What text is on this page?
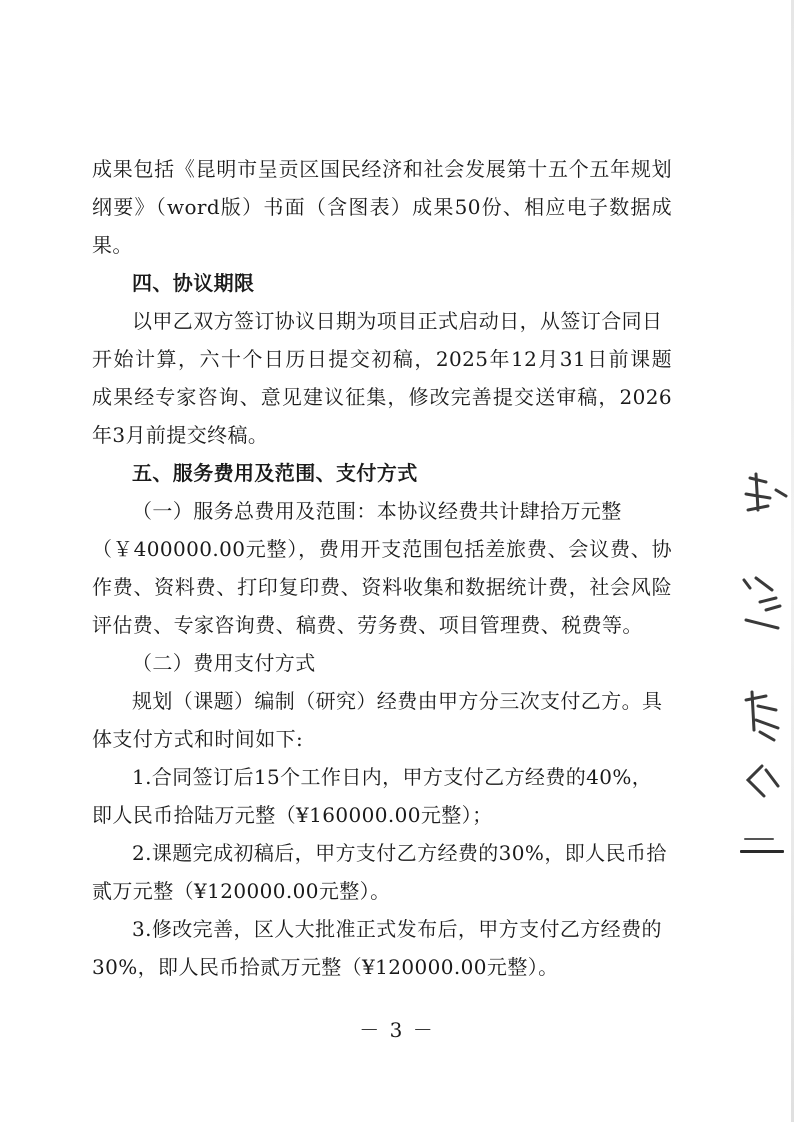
成果包括《昆明市呈贡区国民经济和社会发展第十五个五年规划
纲要》（word版）书面（含图表）成果50份、相应电子数据成
果。
四、协议期限
以甲乙双方签订协议日期为项目正式启动日，从签订合同日
开始计算，六十个日历日提交初稿，2025年12月31日前课题
成果经专家咨询、意见建议征集，修改完善提交送审稿，2026
年3月前提交终稿。
五、服务费用及范围、支付方式
（一）服务总费用及范围：本协议经费共计肆拾万元整
（￥400000.00元整），费用开支范围包括差旅费、会议费、协
作费、资料费、打印复印费、资料收集和数据统计费，社会风险
评估费、专家咨询费、稿费、劳务费、项目管理费、税费等。
（二）费用支付方式
规划（课题）编制（研究）经费由甲方分三次支付乙方。具
体支付方式和时间如下:
1.合同签订后15个工作日内，甲方支付乙方经费的40%，
即人民币拾陆万元整（¥160000.00元整）；
2.课题完成初稿后，甲方支付乙方经费的30%，即人民币拾
贰万元整（¥120000.00元整）。
3.修改完善，区人大批准正式发布后，甲方支付乙方经费的
30%，即人民币拾贰万元整（¥120000.00元整）。
－ 3 －
